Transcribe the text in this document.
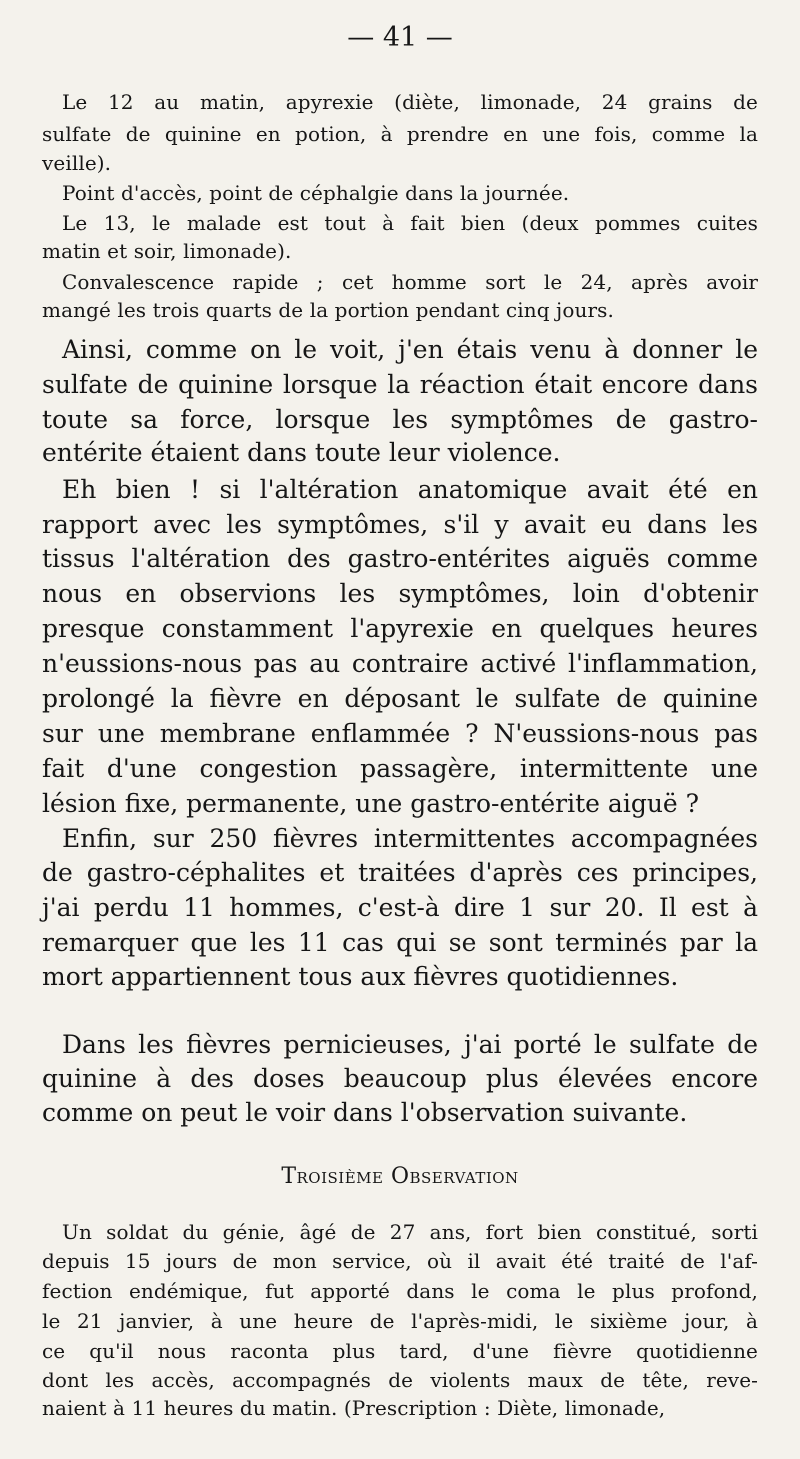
— 41 —
Le 12 au matin, apyrexie (diète, limonade, 24 grains de
sulfate de quinine en potion, à prendre en une fois, comme la
veille).
Point d'accès, point de céphalgie dans la journée.
Le 13, le malade est tout à fait bien (deux pommes cuites
matin et soir, limonade).
Convalescence rapide ; cet homme sort le 24, après avoir
mangé les trois quarts de la portion pendant cinq jours.
Ainsi, comme on le voit, j'en étais venu à donner le
sulfate de quinine lorsque la réaction était encore dans
toute sa force, lorsque les symptômes de gastro-
entérite étaient dans toute leur violence.
Eh bien ! si l'altération anatomique avait été en
rapport avec les symptômes, s'il y avait eu dans les
tissus l'altération des gastro-entérites aiguës comme
nous en observions les symptômes, loin d'obtenir
presque constamment l'apyrexie en quelques heures
n'eussions-nous pas au contraire activé l'inflammation,
prolongé la fièvre en déposant le sulfate de quinine
sur une membrane enflammée ? N'eussions-nous pas
fait d'une congestion passagère, intermittente une
lésion fixe, permanente, une gastro-entérite aiguë ?
Enfin, sur 250 fièvres intermittentes accompagnées
de gastro-céphalites et traitées d'après ces principes,
j'ai perdu 11 hommes, c'est-à dire 1 sur 20. Il est à
remarquer que les 11 cas qui se sont terminés par la
mort appartiennent tous aux fièvres quotidiennes.
Dans les fièvres pernicieuses, j'ai porté le sulfate de
quinine à des doses beaucoup plus élevées encore
comme on peut le voir dans l'observation suivante.
Un soldat du génie, âgé de 27 ans, fort bien constitué, sorti
depuis 15 jours de mon service, où il avait été traité de l'af-
fection endémique, fut apporté dans le coma le plus profond,
le 21 janvier, à une heure de l'après-midi, le sixième jour, à
ce qu'il nous raconta plus tard, d'une fièvre quotidienne
dont les accès, accompagnés de violents maux de tête, reve-
naient à 11 heures du matin. (Prescription : Diète, limonade,
Troisième Observation
